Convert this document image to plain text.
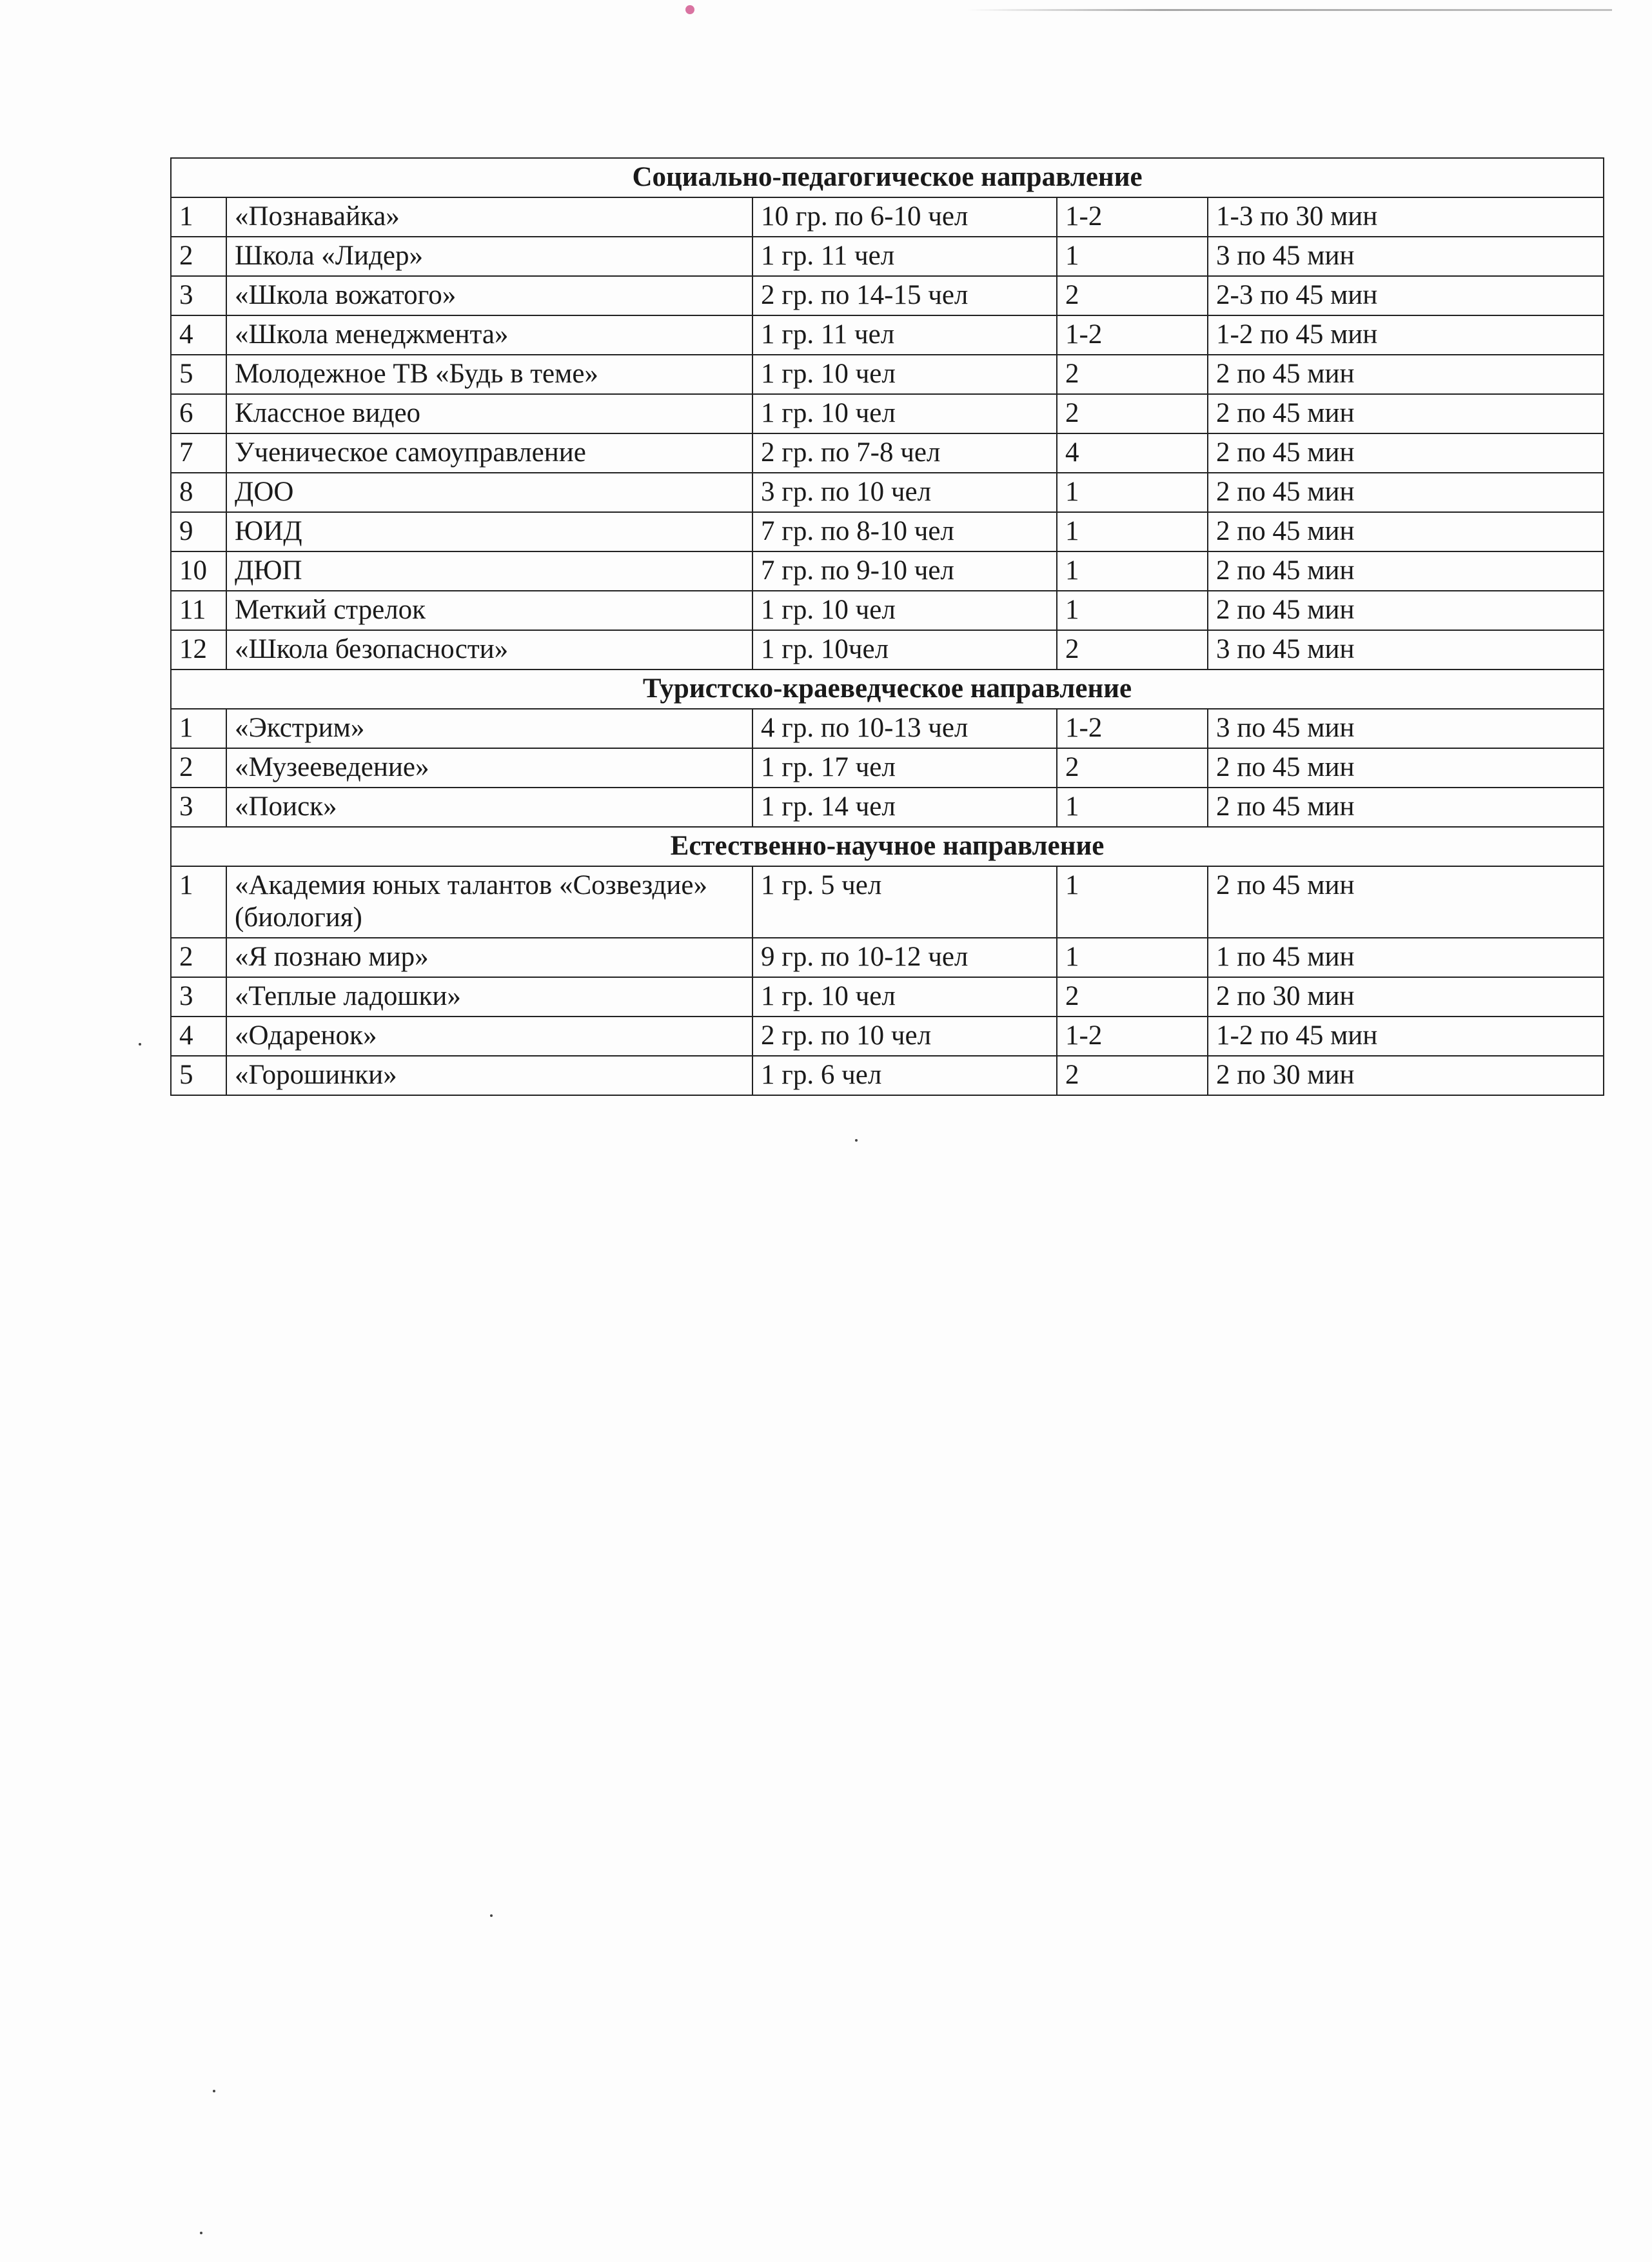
Социально-педагогическое направление				
1	«Познавайка»	10 гр. по 6-10 чел	1-2	1-3 по 30 мин
2	Школа «Лидер»	1 гр. 11 чел	1	3 по 45 мин
3	«Школа вожатого»	2 гр. по 14-15 чел	2	2-3 по 45 мин
4	«Школа менеджмента»	1 гр. 11 чел	1-2	1-2 по 45 мин
5	Молодежное ТВ «Будь в теме»	1 гр. 10 чел	2	2 по 45 мин
6	Классное видео	1 гр. 10 чел	2	2 по 45 мин
7	Ученическое самоуправление	2 гр. по 7-8 чел	4	2 по 45 мин
8	ДОО	3 гр. по 10 чел	1	2 по 45 мин
9	ЮИД	7 гр. по 8-10 чел	1	2 по 45 мин
10	ДЮП	7 гр. по 9-10 чел	1	2 по 45 мин
11	Меткий стрелок	1 гр. 10 чел	1	2 по 45 мин
12	«Школа безопасности»	1 гр. 10чел	2	3 по 45 мин
Туристско-краеведческое направление				
1	«Экстрим»	4 гр. по 10-13 чел	1-2	3 по 45 мин
2	«Музееведение»	1 гр. 17 чел	2	2 по 45 мин
3	«Поиск»	1 гр. 14 чел	1	2 по 45 мин
Естественно-научное направление				
1	«Академия юных талантов «Созвездие» (биология)	1 гр. 5 чел	1	2 по 45 мин
2	«Я познаю мир»	9 гр. по 10-12 чел	1	1 по 45 мин
3	«Теплые ладошки»	1 гр. 10 чел	2	2 по 30 мин
4	«Одаренок»	2 гр. по 10 чел	1-2	1-2 по 45 мин
5	«Горошинки»	1 гр. 6 чел	2	2 по 30 мин
